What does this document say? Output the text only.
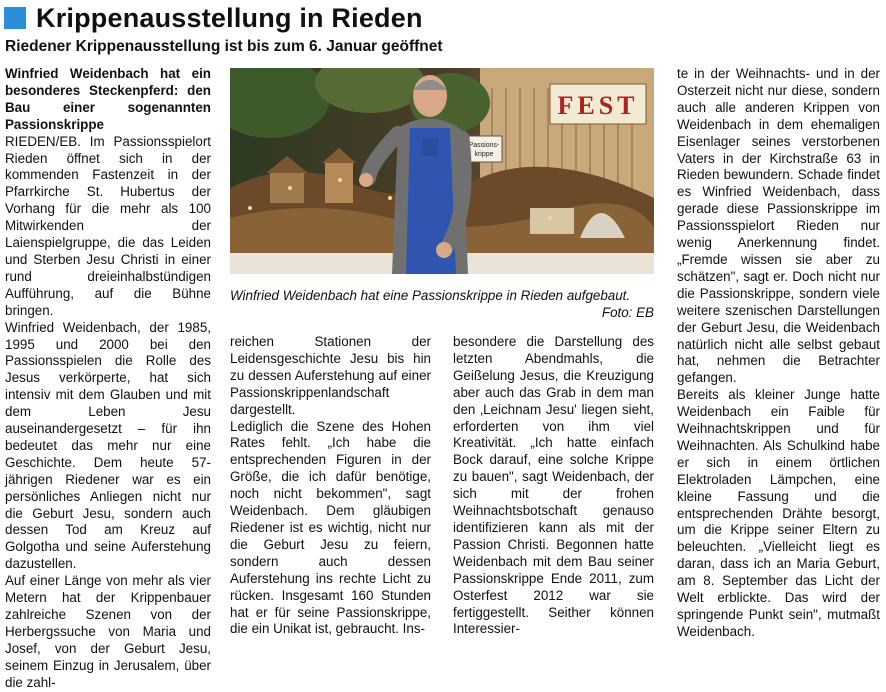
Krippenausstellung in Rieden
Riedener Krippenausstellung ist bis zum 6. Januar geöffnet

Winfried Weidenbach hat ein besonderes Steckenpferd: den Bau einer sogenannten Passionskrippe

RIEDEN/EB. Im Passionsspielort Rieden öffnet sich in der kommenden Fastenzeit in der Pfarrkirche St. Hubertus der Vorhang für die mehr als 100 Mitwirkenden der Laienspielgruppe, die das Leiden und Sterben Jesu Christi in einer rund dreieinhalbstündigen Aufführung, auf die Bühne bringen.

Winfried Weidenbach, der 1985, 1995 und 2000 bei den Passionsspielen die Rolle des Jesus verkörperte, hat sich intensiv mit dem Glauben und mit dem Leben Jesu auseinandergesetzt – für ihn bedeutet das mehr nur eine Geschichte. Dem heute 57-jährigen Riedener war es ein persönliches Anliegen nicht nur die Geburt Jesu, sondern auch dessen Tod am Kreuz auf Golgotha und seine Auferstehung dazustellen.

Auf einer Länge von mehr als vier Metern hat der Krippenbauer zahlreiche Szenen von der Herbergssuche von Maria und Josef, von der Geburt Jesu, seinem Einzug in Jerusalem, über die zahl-

FEST
Passions-
krippe
Winfried Weidenbach hat eine Passionskrippe in Rieden aufgebaut.
Foto: EB

reichen Stationen der Leidensgeschichte Jesu bis hin zu dessen Auferstehung auf einer Passionskrippenlandschaft dargestellt.

Lediglich die Szene des Hohen Rates fehlt. „Ich habe die entsprechenden Figuren in der Größe, die ich dafür benötige, noch nicht bekommen", sagt Weidenbach. Dem gläubigen Riedener ist es wichtig, nicht nur die Geburt Jesu zu feiern, sondern auch dessen Auferstehung ins rechte Licht zu rücken. Insgesamt 160 Stunden hat er für seine Passionskrippe, die ein Unikat ist, gebraucht. Ins-

besondere die Darstellung des letzten Abendmahls, die Geißelung Jesus, die Kreuzigung aber auch das Grab in dem man den ‚Leichnam Jesu' liegen sieht, erforderten von ihm viel Kreativität. „Ich hatte einfach Bock darauf, eine solche Krippe zu bauen", sagt Weidenbach, der sich mit der frohen Weihnachtsbotschaft genauso identifizieren kann als mit der Passion Christi. Begonnen hatte Weidenbach mit dem Bau seiner Passionskrippe Ende 2011, zum Osterfest 2012 war sie fertiggestellt. Seither können Interessier-

te in der Weihnachts- und in der Osterzeit nicht nur diese, sondern auch alle anderen Krippen von Weidenbach in dem ehemaligen Eisenlager seines verstorbenen Vaters in der Kirchstraße 63 in Rieden bewundern. Schade findet es Winfried Weidenbach, dass gerade diese Passionskrippe im Passionsspielort Rieden nur wenig Anerkennung findet. „Fremde wissen sie aber zu schätzen", sagt er. Doch nicht nur die Passionskrippe, sondern viele weitere szenischen Darstellungen der Geburt Jesu, die Weidenbach natürlich nicht alle selbst gebaut hat, nehmen die Betrachter gefangen.

Bereits als kleiner Junge hatte Weidenbach ein Faible für Weihnachtskrippen und für Weihnachten. Als Schulkind habe er sich in einem örtlichen Elektroladen Lämpchen, eine kleine Fassung und die entsprechenden Drähte besorgt, um die Krippe seiner Eltern zu beleuchten. „Vielleicht liegt es daran, dass ich an Maria Geburt, am 8. September das Licht der Welt erblickte. Das wird der springende Punkt sein", mutmaßt Weidenbach.
